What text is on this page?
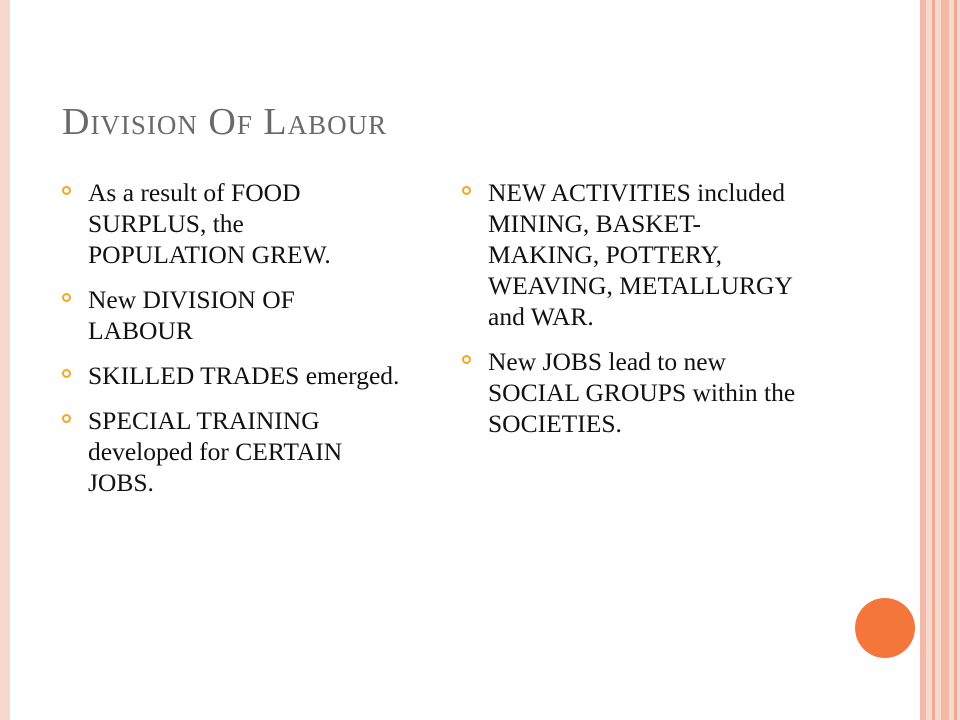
Division Of Labour
As a result of FOOD SURPLUS, the POPULATION GREW.
New DIVISION OF LABOUR
SKILLED TRADES emerged.
SPECIAL TRAINING developed for CERTAIN JOBS.
NEW ACTIVITIES included MINING, BASKET-MAKING, POTTERY, WEAVING, METALLURGY and WAR.
New JOBS lead to new SOCIAL GROUPS within the SOCIETIES.
